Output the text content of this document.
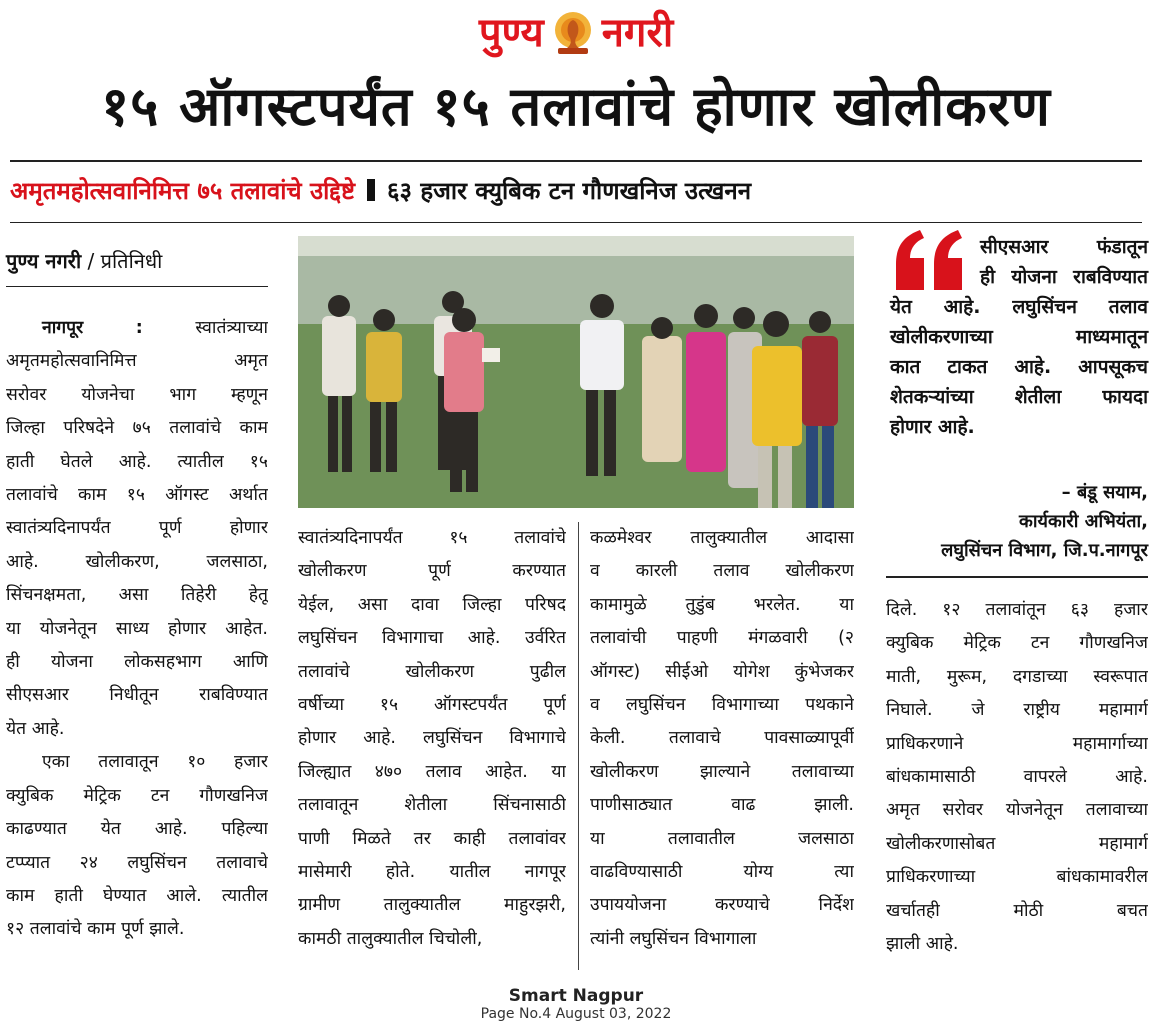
पुण्य नगरी
१५ ऑगस्टपर्यंत १५ तलावांचे होणार खोलीकरण
अमृतमहोत्सवानिमित्त ७५ तलावांचे उद्दिष्टे ६३ हजार क्युबिक टन गौणखनिज उत्खनन
पुण्य नगरी / प्रतिनिधी
नागपूर : स्वातंत्र्याच्या
अमृतमहोत्सवानिमित्त अमृत
सरोवर योजनेचा भाग म्हणून
जिल्हा परिषदेने ७५ तलावांचे काम
हाती घेतले आहे. त्यातील १५
तलावांचे काम १५ ऑगस्ट अर्थात
स्वातंत्र्यदिनापर्यंत पूर्ण होणार
आहे. खोलीकरण, जलसाठा,
सिंचनक्षमता, असा तिहेरी हेतू
या योजनेतून साध्य होणार आहेत.
ही योजना लोकसहभाग आणि
सीएसआर निधीतून राबविण्यात
येत आहे.
एका तलावातून १० हजार
क्युबिक मेट्रिक टन गौणखनिज
काढण्यात येत आहे. पहिल्या
टप्प्यात २४ लघुसिंचन तलावाचे
काम हाती घेण्यात आले. त्यातील
१२ तलावांचे काम पूर्ण झाले.
स्वातंत्र्यदिनापर्यंत १५ तलावांचे
खोलीकरण पूर्ण करण्यात
येईल, असा दावा जिल्हा परिषद
लघुसिंचन विभागाचा आहे. उर्वरित
तलावांचे खोलीकरण पुढील
वर्षीच्या १५ ऑगस्टपर्यंत पूर्ण
होणार आहे. लघुसिंचन विभागाचे
जिल्ह्यात ४७० तलाव आहेत. या
तलावातून शेतीला सिंचनासाठी
पाणी मिळते तर काही तलावांवर
मासेमारी होते. यातील नागपूर
ग्रामीण तालुक्यातील माहुरझरी,
कामठी तालुक्यातील चिचोली,
कळमेश्वर तालुक्यातील आदासा
व कारली तलाव खोलीकरण
कामामुळे तुडुंब भरलेत. या
तलावांची पाहणी मंगळवारी (२
ऑगस्ट) सीईओ योगेश कुंभेजकर
व लघुसिंचन विभागाच्या पथकाने
केली. तलावाचे पावसाळ्यापूर्वी
खोलीकरण झाल्याने तलावाच्या
पाणीसाठ्यात वाढ झाली.
या तलावातील जलसाठा
वाढविण्यासाठी योग्य त्या
उपाययोजना करण्याचे निर्देश
त्यांनी लघुसिंचन विभागाला
सीएसआर फंडातून
ही योजना राबविण्यात
येत आहे. लघुसिंचन तलाव
खोलीकरणाच्या माध्यमातून
कात टाकत आहे. आपसूकच
शेतकऱ्यांच्या शेतीला फायदा
होणार आहे.
– बंडू सयाम,
कार्यकारी अभियंता,
लघुसिंचन विभाग, जि.प.नागपूर
दिले. १२ तलावांतून ६३ हजार
क्युबिक मेट्रिक टन गौणखनिज
माती, मुरूम, दगडाच्या स्वरूपात
निघाले. जे राष्ट्रीय महामार्ग
प्राधिकरणाने महामार्गाच्या
बांधकामासाठी वापरले आहे.
अमृत सरोवर योजनेतून तलावाच्या
खोलीकरणासोबत महामार्ग
प्राधिकरणाच्या बांधकामावरील
खर्चातही मोठी बचत
झाली आहे.
Smart Nagpur
Page No.4 August 03, 2022
